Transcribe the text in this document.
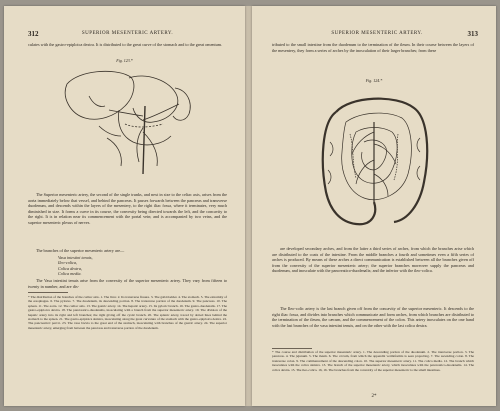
312	SUPERIOR MESENTERIC ARTERY.

culates with the gastro-epiploica dextra. It is distributed to the great curve of the stomach and to the great omentum.

Fig. 123.*

The Superior mesenteric artery, the second of the single trunks, and next in size to the celiac axis, arises from the aorta immediately below that vessel, and behind the pancreas. It passes forwards between the pancreas and transverse duodenum, and descends within the layers of the mesentery, to the right iliac fossa, where it terminates, very much diminished in size. It forms a curve in its course, the convexity being directed towards the left, and the concavity to the right. It is in relation near its commencement with the portal vein; and is accompanied by two veins, and the superior mesenteric plexus of nerves.

The branches of the superior mesenteric artery are—

Vasa intestini tenuis,
Ileo-colica,
Colica dextra,
Colica media.

The Vasa intestini tenuis arise from the convexity of the superior mesenteric artery. They vary from fifteen to twenty in number, and are dis-

* The distribution of the branches of the cœliac axis. 1. The liver. 2. Its transverse fissure. 3. The gall-bladder. 4. The stomach. 5. The extremity of the œsophagus. 6. The pylorus. 7. The duodenum, its descending portion. 8. The transverse portion of the duodenum. 9. The pancreas. 10. The spleen. 11. The aorta. 12. The cœliac axis. 13. The gastric artery. 14. The hepatic artery. 15. Its pyloric branch. 16. The gastro-duodenalis. 17. The gastro-epiploica dextra. 18. The pancreatico-duodenalis, inosculating with a branch from the superior mesenteric artery. 19. The division of the hepatic artery into its right and left branches; the right giving off the cystic branch. 20. The splenic artery, traced by dotted lines behind the stomach to the spleen. 21. The gastro-epiploica sinistra, inosculating along the great curvature of the stomach with the gastro-epiploica dextra. 22. The pancreaticæ parvæ. 23. The vasa brevia to the great end of the stomach, inosculating with branches of the gastric artery. 24. The superior mesenteric artery, emerging from between the pancreas and transverse portion of the duodenum.

SUPERIOR MESENTERIC ARTERY.	313

tributed to the small intestine from the duodenum to the termination of the ileum. In their course between the layers of the mesentery, they form a series of arches by the inosculation of their larger branches; from these

Fig. 124.*

are developed secondary arches, and from the latter a third series of arches, from which the branches arise which are distributed to the coats of the intestine. From the middle branches a fourth and sometimes even a fifth series of arches is produced. By means of these arches a direct communication is established between all the branches given off from the convexity of the superior mesenteric artery; the superior branches moreover supply the pancreas and duodenum, and inosculate with the pancreatico-duodenalis; and the inferior with the ileo-colica.

The Ileo-colic artery is the last branch given off from the concavity of the superior mesenteric. It descends to the right iliac fossa, and divides into branches which communicate and form arches, from which branches are distributed to the termination of the ileum, the cæcum, and the commencement of the colon. This artery inosculates on the one hand with the last branches of the vasa intestini tenuis, and on the other with the last colica dextra.

* The course and distribution of the superior mesenteric artery. 1. The descending portion of the duodenum. 2. The transverse portion. 3. The pancreas. 4. The jejunum. 5. The ileum. 6. The cæcum, from which the appendix vermiformis is seen projecting. 7. The ascending colon. 8. The transverse colon. 9. The commencement of the descending colon. 10. The superior mesenteric artery. 11. The colica media. 12. The branch which inosculates with the colica sinistra. 13. The branch of the superior mesenteric artery, which inosculates with the pancreatico-duodenalis. 14. The colica dextra. 15. The ileo-colica. 16, 16. The branches from the convexity of the superior mesenteric to the small intestines.

2*
